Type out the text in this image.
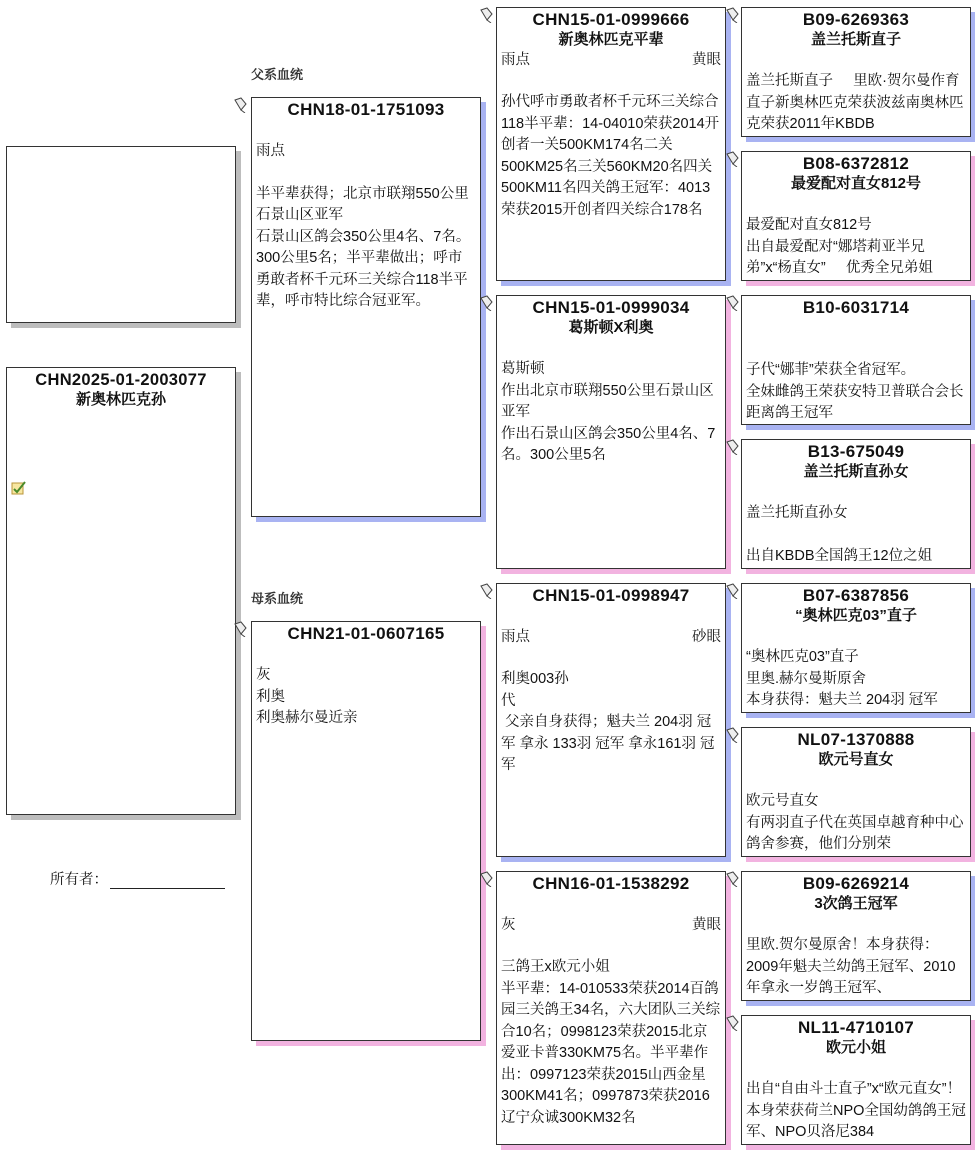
CHN2025-01-2003077
新奥林匹克孙
所有者：
父系血统
母系血统
CHN18-01-1751093
雨点
半平辈获得；北京市联翔550公里石景山区亚军
石景山区鸽会350公里4名、7名。300公里5名；半平辈做出；呼市勇敢者杯千元环三关综合118半平辈，呼市特比综合冠亚军。
CHN21-01-0607165
灰
利奥
利奥赫尔曼近亲
CHN15-01-0999666
新奥林匹克平辈
雨点	黄眼
孙代呼市勇敢者杯千元环三关综合118半平辈：14-04010荣获2014开创者一关500KM174名二关
500KM25名三关560KM20名四关
500KM11名四关鸽王冠军：4013荣获2015开创者四关综合178名
CHN15-01-0999034
葛斯顿X利奥
葛斯顿
作出北京市联翔550公里石景山区亚军
作出石景山区鸽会350公里4名、7名。300公里5名
CHN15-01-0998947
雨点	砂眼
利奥003孙
代
父亲自身获得；魁夫兰 204羽 冠军 拿永 133羽 冠军 拿永161羽 冠军
CHN16-01-1538292
灰	黄眼
三鸽王x欧元小姐
半平辈：14-010533荣获2014百鸽园三关鸽王34名，六大团队三关综合10名；0998123荣获2015北京爱亚卡普330KM75名。半平辈作出：0997123荣获2015山西金星300KM41名；0997873荣获2016辽宁众诚300KM32名
B09-6269363
盖兰托斯直子
盖兰托斯直子     里欧·贺尔曼作育直子新奥林匹克荣获波兹南奥林匹克荣获2011年KBDB
B08-6372812
最爱配对直女812号
最爱配对直女812号
出自最爱配对“娜塔莉亚半兄弟”x“杨直女”     优秀全兄弟姐
B10-6031714
子代“娜菲”荣获全省冠军。
全妹雌鸽王荣获安特卫普联合会长距离鸽王冠军
B13-675049
盖兰托斯直孙女
盖兰托斯直孙女

出自KBDB全国鸽王12位之姐
B07-6387856
“奥林匹克03”直子
“奥林匹克03”直子
里奥.赫尔曼斯原舍
本身获得：魁夫兰 204羽 冠军
NL07-1370888
欧元号直女
欧元号直女
有两羽直子代在英国卓越育种中心鸽舍参赛，他们分别荣
B09-6269214
3次鸽王冠军
里欧.贺尔曼原舍！本身获得：2009年魁夫兰幼鸽王冠军、2010年拿永一岁鸽王冠军、
NL11-4710107
欧元小姐
出自“自由斗士直子”x“欧元直女”！本身荣获荷兰NPO全国幼鸽鸽王冠军、NPO贝洛尼384
